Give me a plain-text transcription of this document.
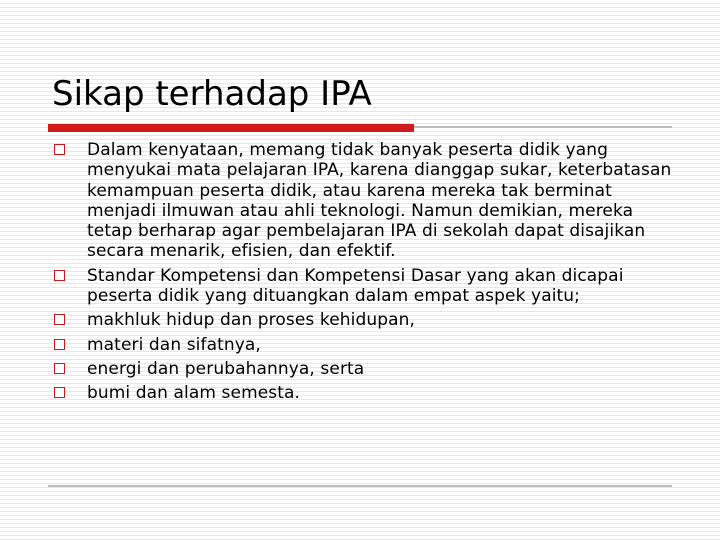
Sikap terhadap IPA
Dalam kenyataan, memang tidak banyak peserta didik yang menyukai mata pelajaran IPA, karena dianggap sukar, keterbatasan kemampuan peserta didik, atau karena mereka tak berminat menjadi ilmuwan atau ahli teknologi. Namun demikian, mereka tetap berharap agar pembelajaran IPA di sekolah dapat disajikan secara menarik, efisien, dan efektif.
Standar Kompetensi dan Kompetensi Dasar yang akan dicapai peserta didik yang dituangkan dalam empat aspek yaitu;
makhluk hidup dan proses kehidupan,
materi dan sifatnya,
energi dan perubahannya, serta
bumi dan alam semesta.
